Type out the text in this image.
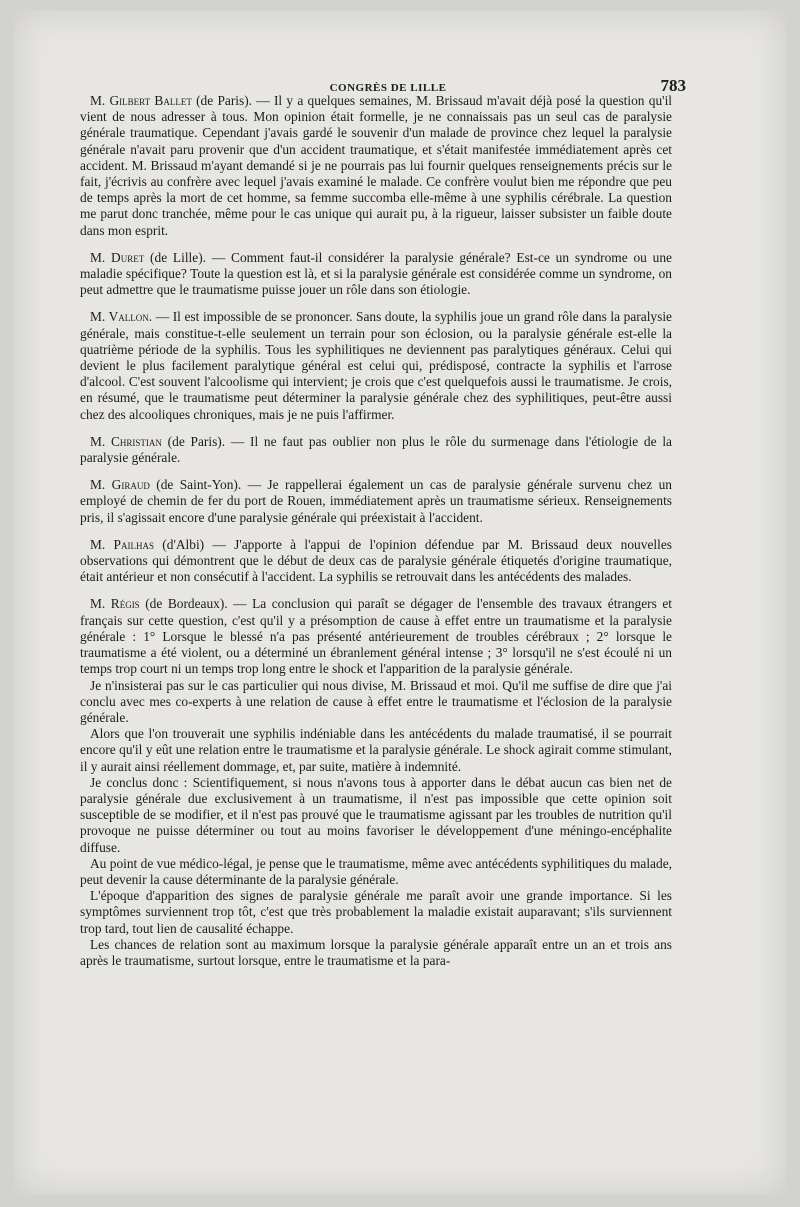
CONGRÈS DE LILLE	783

M. Gilbert Ballet (de Paris). — Il y a quelques semaines, M. Brissaud m'avait déjà posé la question qu'il vient de nous adresser à tous. Mon opinion était formelle, je ne connaissais pas un seul cas de paralysie générale traumatique. Cependant j'avais gardé le souvenir d'un malade de province chez lequel la paralysie générale n'avait paru provenir que d'un accident traumatique, et s'était manifestée immédiatement après cet accident. M. Brissaud m'ayant demandé si je ne pourrais pas lui fournir quelques renseignements précis sur le fait, j'écrivis au confrère avec lequel j'avais examiné le malade. Ce confrère voulut bien me répondre que peu de temps après la mort de cet homme, sa femme succomba elle-même à une syphilis cérébrale. La question me parut donc tranchée, même pour le cas unique qui aurait pu, à la rigueur, laisser subsister un faible doute dans mon esprit.

M. Duret (de Lille). — Comment faut-il considérer la paralysie générale? Est-ce un syndrome ou une maladie spécifique? Toute la question est là, et si la paralysie générale est considérée comme un syndrome, on peut admettre que le traumatisme puisse jouer un rôle dans son étiologie.

M. Vallon. — Il est impossible de se prononcer. Sans doute, la syphilis joue un grand rôle dans la paralysie générale, mais constitue-t-elle seulement un terrain pour son éclosion, ou la paralysie générale est-elle la quatrième période de la syphilis. Tous les syphilitiques ne deviennent pas paralytiques généraux. Celui qui devient le plus facilement paralytique général est celui qui, prédisposé, contracte la syphilis et l'arrose d'alcool. C'est souvent l'alcoolisme qui intervient; je crois que c'est quelquefois aussi le traumatisme. Je crois, en résumé, que le traumatisme peut déterminer la paralysie générale chez des syphilitiques, peut-être aussi chez des alcooliques chroniques, mais je ne puis l'affirmer.

M. Christian (de Paris). — Il ne faut pas oublier non plus le rôle du surmenage dans l'étiologie de la paralysie générale.

M. Giraud (de Saint-Yon). — Je rappellerai également un cas de paralysie générale survenu chez un employé de chemin de fer du port de Rouen, immédiatement après un traumatisme sérieux. Renseignements pris, il s'agissait encore d'une paralysie générale qui préexistait à l'accident.

M. Pailhas (d'Albi) — J'apporte à l'appui de l'opinion défendue par M. Brissaud deux nouvelles observations qui démontrent que le début de deux cas de paralysie générale étiquetés d'origine traumatique, était antérieur et non consécutif à l'accident. La syphilis se retrouvait dans les antécédents des malades.

M. Régis (de Bordeaux). — La conclusion qui paraît se dégager de l'ensemble des travaux étrangers et français sur cette question, c'est qu'il y a présomption de cause à effet entre un traumatisme et la paralysie générale : 1° Lorsque le blessé n'a pas présenté antérieurement de troubles cérébraux ; 2° lorsque le traumatisme a été violent, ou a déterminé un ébranlement général intense ; 3° lorsqu'il ne s'est écoulé ni un temps trop court ni un temps trop long entre le shock et l'apparition de la paralysie générale.

Je n'insisterai pas sur le cas particulier qui nous divise, M. Brissaud et moi. Qu'il me suffise de dire que j'ai conclu avec mes co-experts à une relation de cause à effet entre le traumatisme et l'éclosion de la paralysie générale.

Alors que l'on trouverait une syphilis indéniable dans les antécédents du malade traumatisé, il se pourrait encore qu'il y eût une relation entre le traumatisme et la paralysie générale. Le shock agirait comme stimulant, il y aurait ainsi réellement dommage, et, par suite, matière à indemnité.

Je conclus donc : Scientifiquement, si nous n'avons tous à apporter dans le débat aucun cas bien net de paralysie générale due exclusivement à un traumatisme, il n'est pas impossible que cette opinion soit susceptible de se modifier, et il n'est pas prouvé que le traumatisme agissant par les troubles de nutrition qu'il provoque ne puisse déterminer ou tout au moins favoriser le développement d'une méningo-encéphalite diffuse.

Au point de vue médico-légal, je pense que le traumatisme, même avec antécédents syphilitiques du malade, peut devenir la cause déterminante de la paralysie générale.

L'époque d'apparition des signes de paralysie générale me paraît avoir une grande importance. Si les symptômes surviennent trop tôt, c'est que très probablement la maladie existait auparavant; s'ils surviennent trop tard, tout lien de causalité échappe.

Les chances de relation sont au maximum lorsque la paralysie générale apparaît entre un an et trois ans après le traumatisme, surtout lorsque, entre le traumatisme et la para-
